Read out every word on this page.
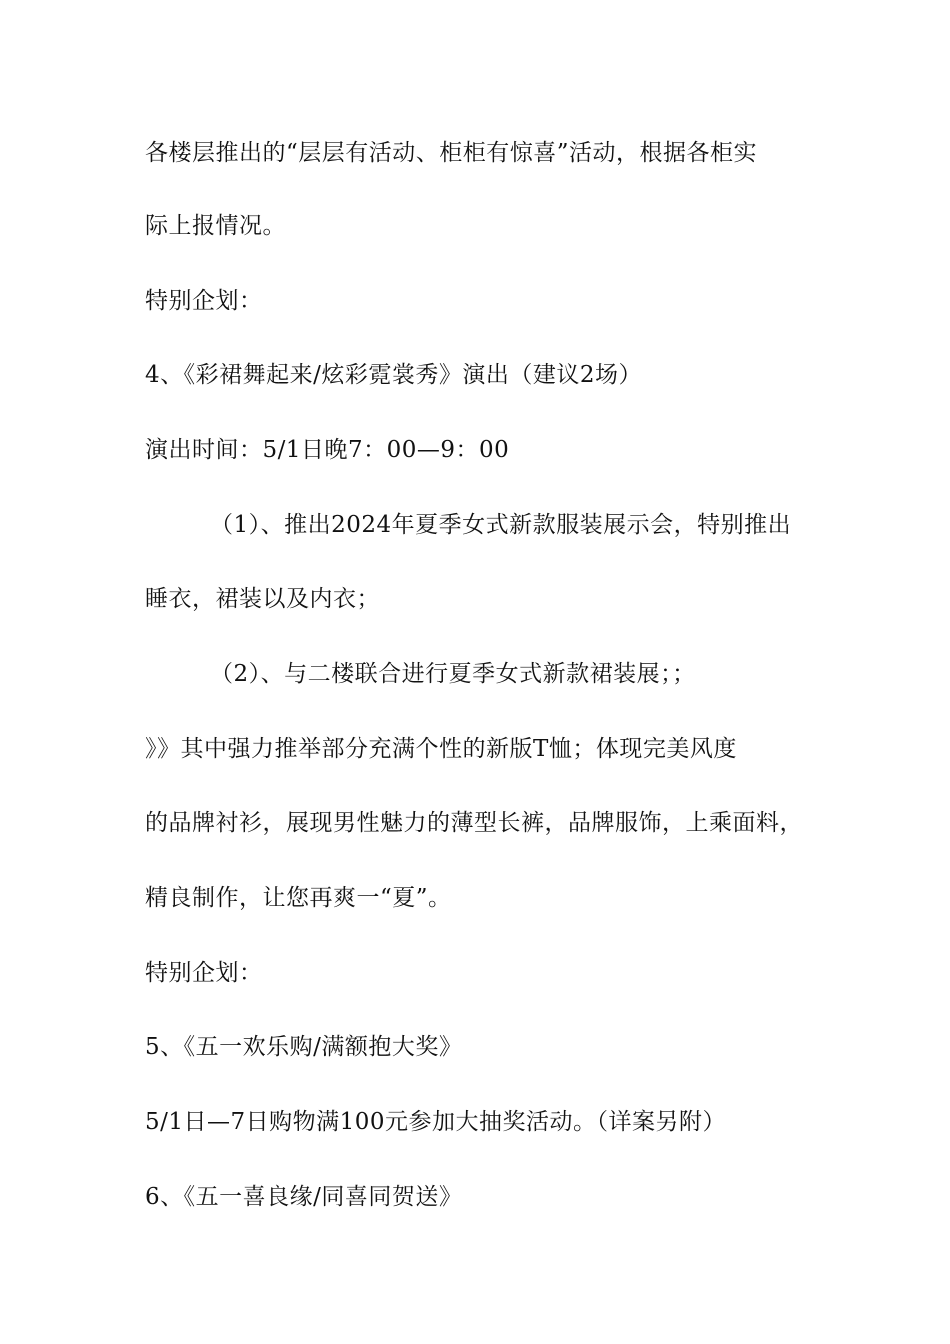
各楼层推出的“层层有活动、柜柜有惊喜”活动，根据各柜实
际上报情况。
特别企划：
4、《彩裙舞起来/炫彩霓裳秀》演出（建议2场）
演出时间：5/1日晚7：00—9：00
（1）、推出2024年夏季女式新款服装展示会，特别推出
睡衣，裙装以及内衣；
（2）、与二楼联合进行夏季女式新款裙装展；；
》》其中强力推举部分充满个性的新版T恤；体现完美风度
的品牌衬衫，展现男性魅力的薄型长裤，品牌服饰，上乘面料，
精良制作，让您再爽一“夏”。
特别企划：
5、《五一欢乐购/满额抱大奖》
5/1日—7日购物满100元参加大抽奖活动。（详案另附）
6、《五一喜良缘/同喜同贺送》
